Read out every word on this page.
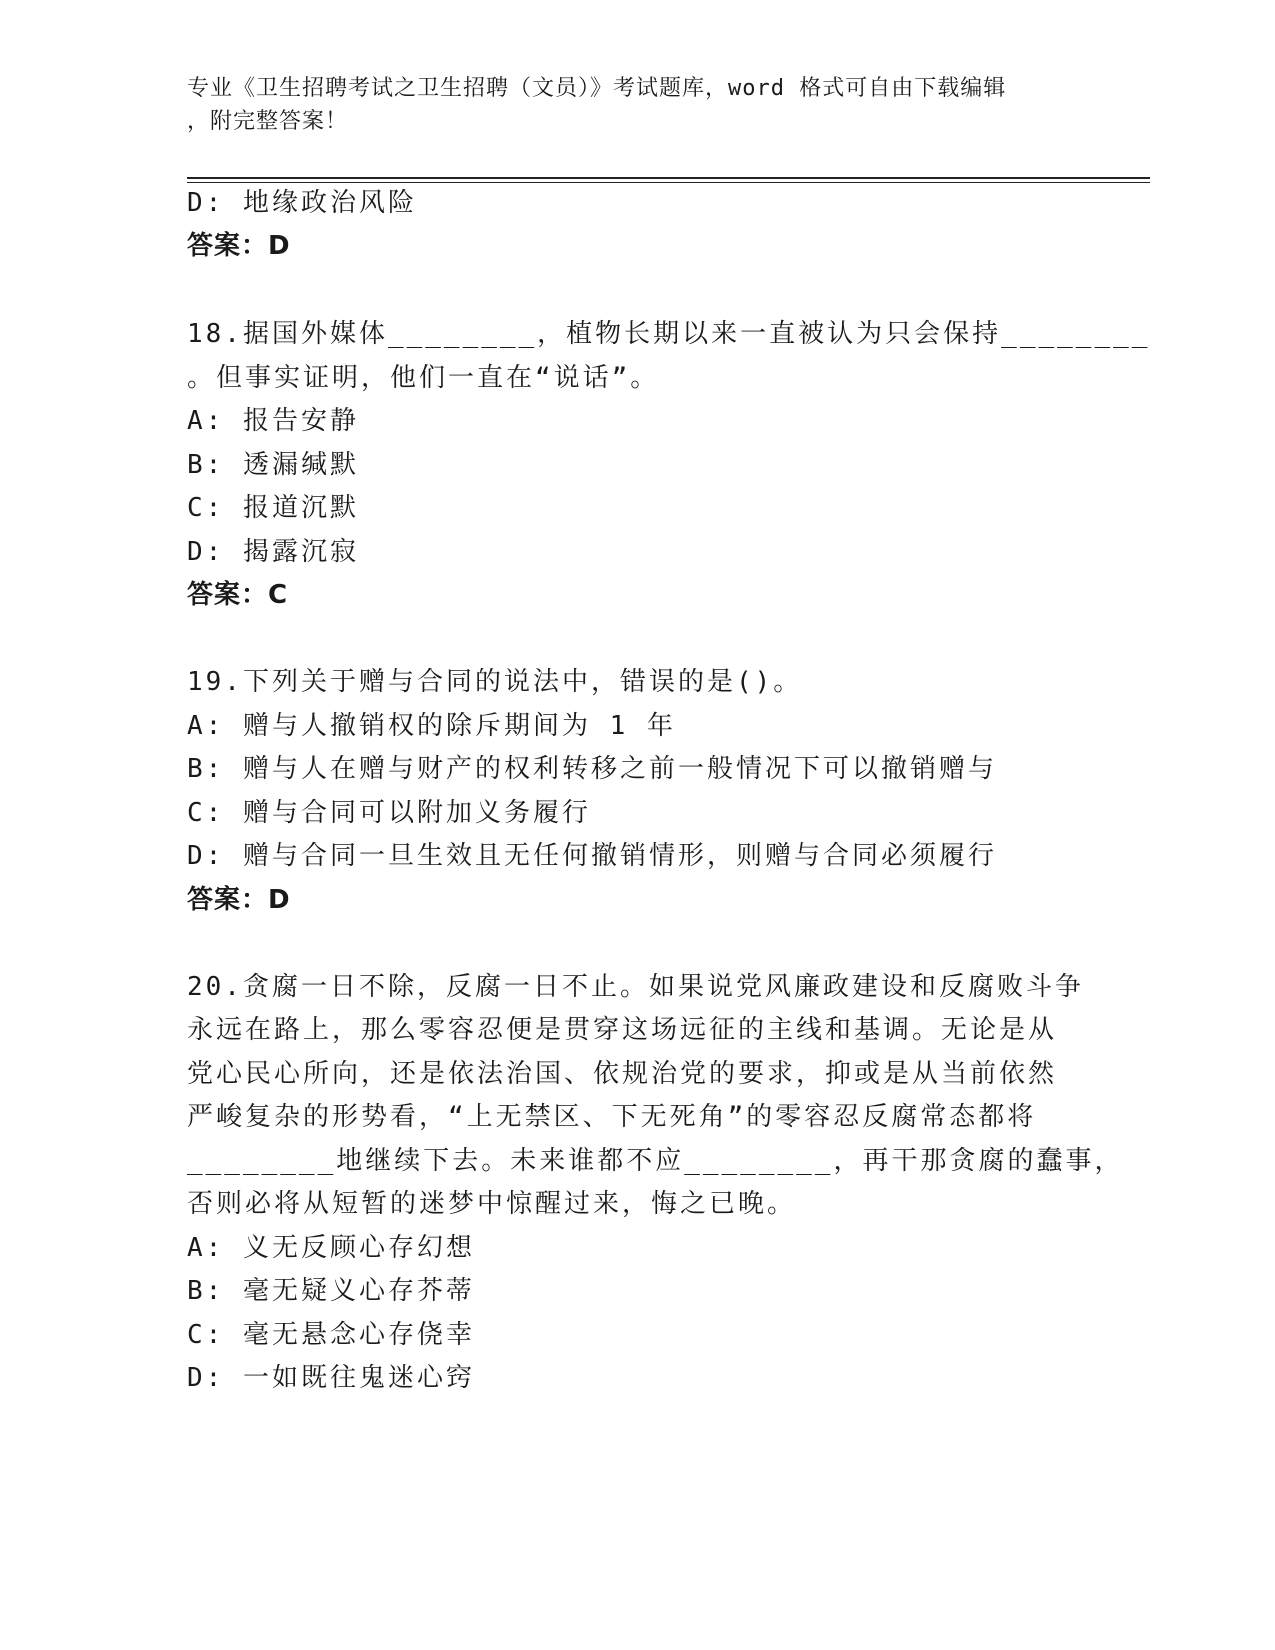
专业《卫生招聘考试之卫生招聘（文员）》考试题库，word 格式可自由下载编辑
，附完整答案！
D: 地缘政治风险
答案：D
18.据国外媒体________，植物长期以来一直被认为只会保持________
。但事实证明，他们一直在“说话”。
A: 报告安静
B: 透漏缄默
C: 报道沉默
D: 揭露沉寂
答案：C
19.下列关于赠与合同的说法中，错误的是()。
A: 赠与人撤销权的除斥期间为 1 年
B: 赠与人在赠与财产的权利转移之前一般情况下可以撤销赠与
C: 赠与合同可以附加义务履行
D: 赠与合同一旦生效且无任何撤销情形，则赠与合同必须履行
答案：D
20.贪腐一日不除，反腐一日不止。如果说党风廉政建设和反腐败斗争
永远在路上，那么零容忍便是贯穿这场远征的主线和基调。无论是从
党心民心所向，还是依法治国、依规治党的要求，抑或是从当前依然
严峻复杂的形势看，“上无禁区、下无死角”的零容忍反腐常态都将
________地继续下去。未来谁都不应________，再干那贪腐的蠢事，
否则必将从短暂的迷梦中惊醒过来，悔之已晚。
A: 义无反顾心存幻想
B: 毫无疑义心存芥蒂
C: 毫无悬念心存侥幸
D: 一如既往鬼迷心窍
